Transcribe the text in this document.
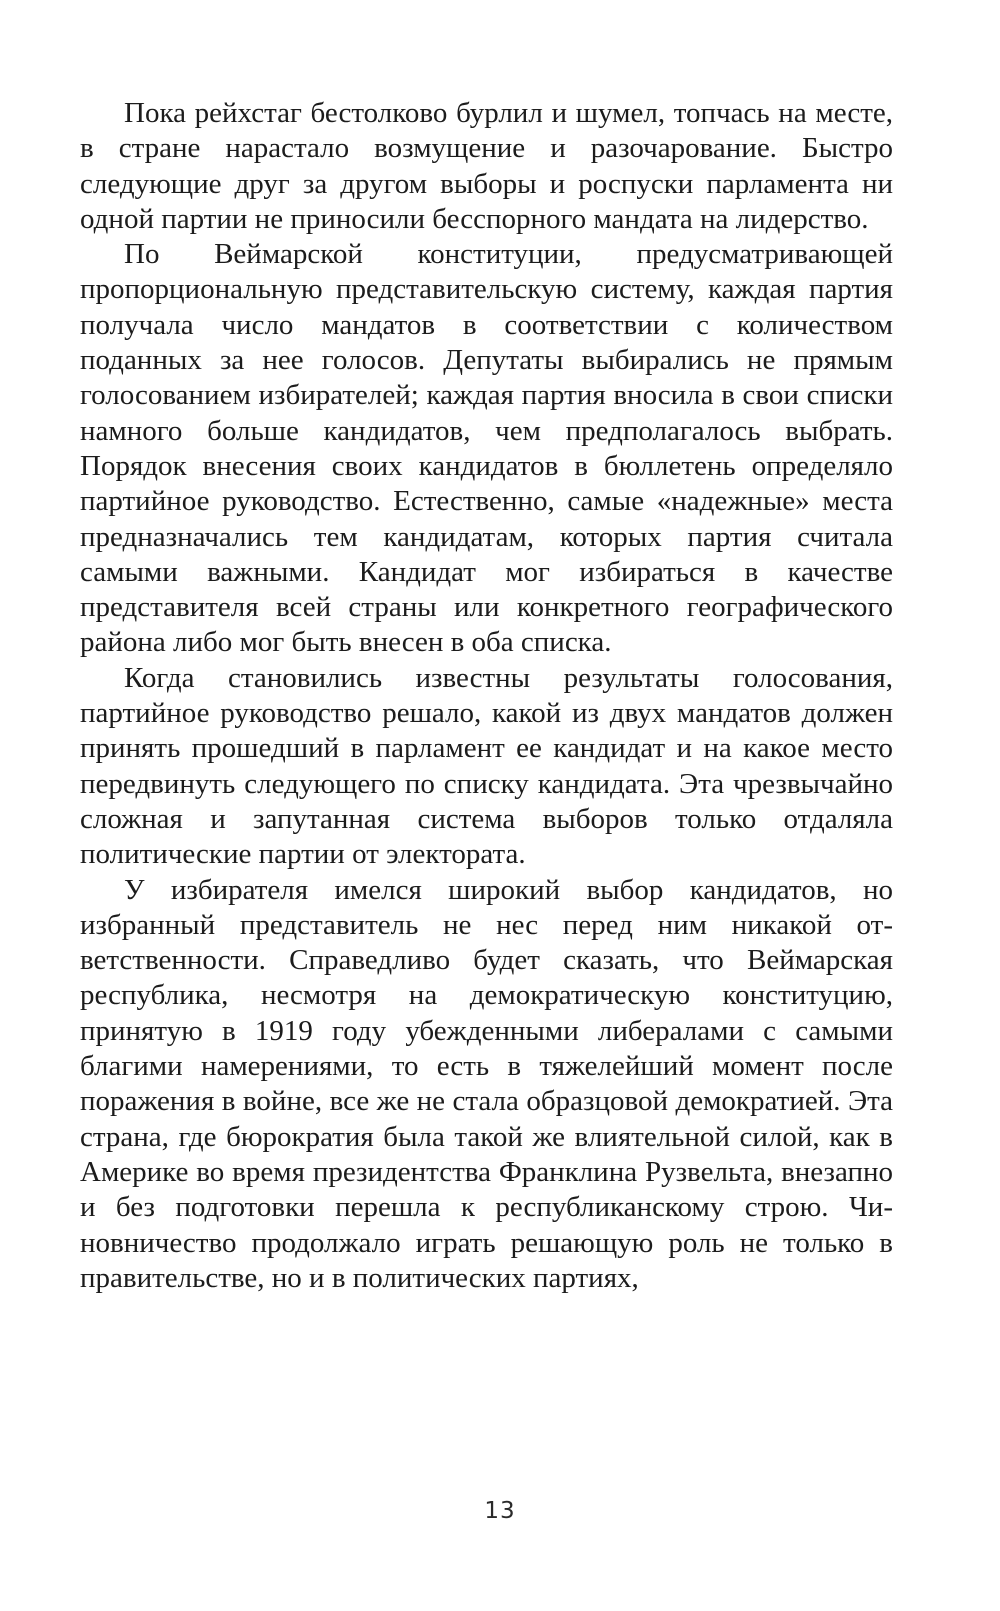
Пока рейхстаг бестолково бурлил и шумел, топчась на месте, в стране нарастало возмущение и разочарование. Быстро следующие друг за другом выборы и роспуски парламента ни одной партии не приносили бесспорного мандата на лидерство.

По Веймарской конституции, предусматривающей пропорциональную представительскую систему, каждая партия получала число мандатов в соответствии с количеством поданных за нее голосов. Депутаты выбирались не прямым голосованием избирателей; каждая партия вносила в свои списки намного больше кандидатов, чем предполагалось выбрать. Порядок внесения своих кандидатов в бюллетень определяло партийное руководство. Естественно, самые «надежные» места предназначались тем кандидатам, которых партия считала самыми важными. Кандидат мог избираться в качестве представителя всей страны или конкретного географического района либо мог быть внесен в оба списка.

Когда становились известны результаты голосования, партийное руководство решало, какой из двух мандатов должен принять прошедший в парламент ее кандидат и на какое место передвинуть следующего по списку кандидата. Эта чрезвычайно сложная и запутанная система выборов только отдаляла политические партии от электората.

У избирателя имелся широкий выбор кандидатов, но избранный представитель не нес перед ним никакой ответственности. Справедливо будет сказать, что Веймарская республика, несмотря на демократическую конституцию, принятую в 1919 году убежденными либералами с самыми благими намерениями, то есть в тяжелейший момент после поражения в войне, все же не стала образцовой демократией. Эта страна, где бюрократия была такой же влиятельной силой, как в Америке во время президентства Франклина Рузвельта, внезапно и без подготовки перешла к республиканскому строю. Чиновничество продолжало играть решающую роль не только в правительстве, но и в политических партиях,

13
